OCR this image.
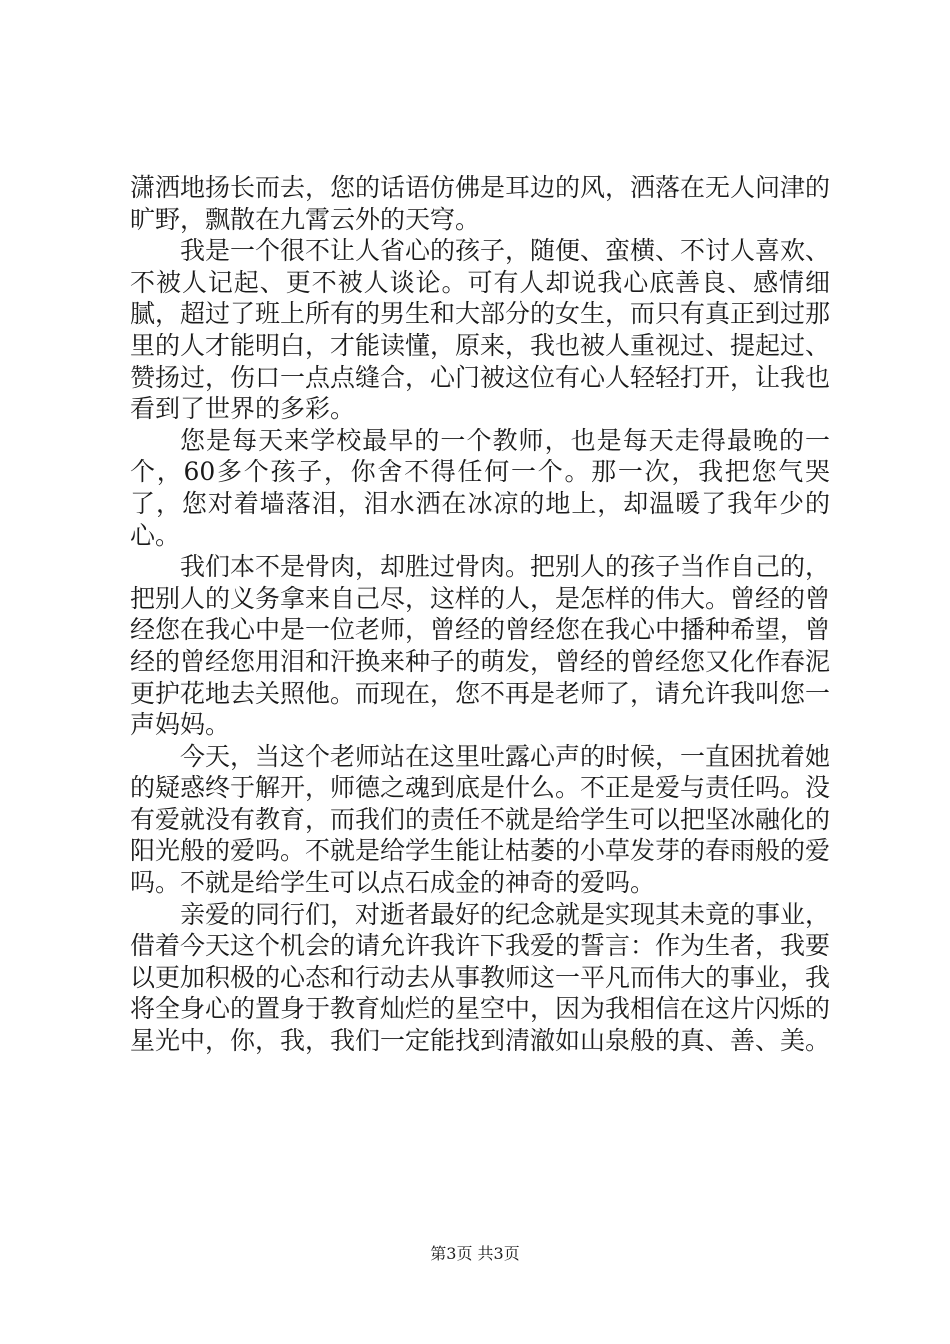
潇洒地扬长而去，您的话语仿佛是耳边的风，洒落在无人问津的旷野，飘散在九霄云外的天穹。

我是一个很不让人省心的孩子，随便、蛮横、不讨人喜欢、不被人记起、更不被人谈论。可有人却说我心底善良、感情细腻，超过了班上所有的男生和大部分的女生，而只有真正到过那里的人才能明白，才能读懂，原来，我也被人重视过、提起过、赞扬过，伤口一点点缝合，心门被这位有心人轻轻打开，让我也看到了世界的多彩。

您是每天来学校最早的一个教师，也是每天走得最晚的一个，60多个孩子，你舍不得任何一个。那一次，我把您气哭了，您对着墙落泪，泪水洒在冰凉的地上，却温暖了我年少的心。

我们本不是骨肉，却胜过骨肉。把别人的孩子当作自己的，把别人的义务拿来自己尽，这样的人，是怎样的伟大。曾经的曾经您在我心中是一位老师，曾经的曾经您在我心中播种希望，曾经的曾经您用泪和汗换来种子的萌发，曾经的曾经您又化作春泥更护花地去关照他。而现在，您不再是老师了，请允许我叫您一声妈妈。

今天，当这个老师站在这里吐露心声的时候，一直困扰着她的疑惑终于解开，师德之魂到底是什么。不正是爱与责任吗。没有爱就没有教育，而我们的责任不就是给学生可以把坚冰融化的阳光般的爱吗。不就是给学生能让枯萎的小草发芽的春雨般的爱吗。不就是给学生可以点石成金的神奇的爱吗。

亲爱的同行们，对逝者最好的纪念就是实现其未竟的事业，借着今天这个机会的请允许我许下我爱的誓言：作为生者，我要以更加积极的心态和行动去从事教师这一平凡而伟大的事业，我将全身心的置身于教育灿烂的星空中，因为我相信在这片闪烁的星光中，你，我，我们一定能找到清澈如山泉般的真、善、美。

第3页 共3页
